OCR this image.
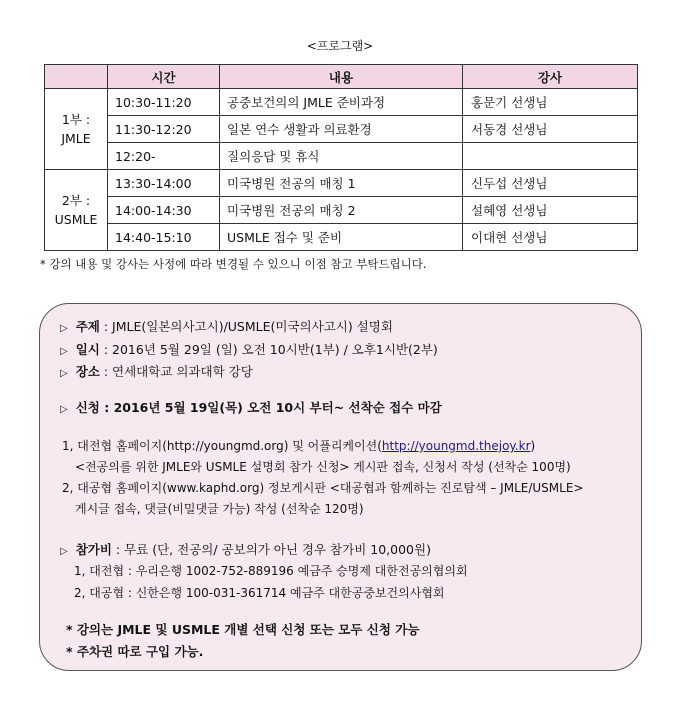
<프로그램>
	시간	내용	강사

1부 :
JMLE	10:30-11:20	공중보건의의 JMLE 준비과정	홍문기 선생님
	11:30-12:20	일본 연수 생활과 의료환경	서동경 선생님
	12:20-	질의응답 및 휴식	

2부 :
USMLE	13:30-14:00	미국병원 전공의 매칭 1	신두섭 선생님
	14:00-14:30	미국병원 전공의 매칭 2	설혜영 선생님
	14:40-15:10	USMLE 접수 및 준비	이대현 선생님
* 강의 내용 및 강사는 사정에 따라 변경될 수 있으니 이점 참고 부탁드립니다.
▷ 주제 : JMLE(일본의사고시)/USMLE(미국의사고시) 설명회
▷ 일시 : 2016년 5월 29일 (일) 오전 10시반(1부) / 오후1시반(2부)
▷ 장소 : 연세대학교 의과대학 강당
▷ 신청 : 2016년 5월 19일(목) 오전 10시 부터~ 선착순 접수 마감
1, 대전협 홈페이지(http://youngmd.org) 및 어플리케이션(http://youngmd.thejoy.kr)
<전공의를 위한 JMLE와 USMLE 설명회 참가 신청> 게시판 접속, 신청서 작성 (선착순 100명)
2, 대공협 홈페이지(www.kaphd.org) 정보게시판 <대공협과 함께하는 진로탐색 – JMLE/USMLE>
게시글 접속, 댓글(비밀댓글 가능) 작성 (선착순 120명)
▷ 참가비 : 무료 (단, 전공의/ 공보의가 아닌 경우 참가비 10,000원)
1, 대전협 : 우리은행 1002-752-889196 예금주 승명제 대한전공의협의회
2, 대공협 : 신한은행 100-031-361714 예금주 대한공중보건의사협회
* 강의는 JMLE 및 USMLE 개별 선택 신청 또는 모두 신청 가능
* 주차권 따로 구입 가능.
